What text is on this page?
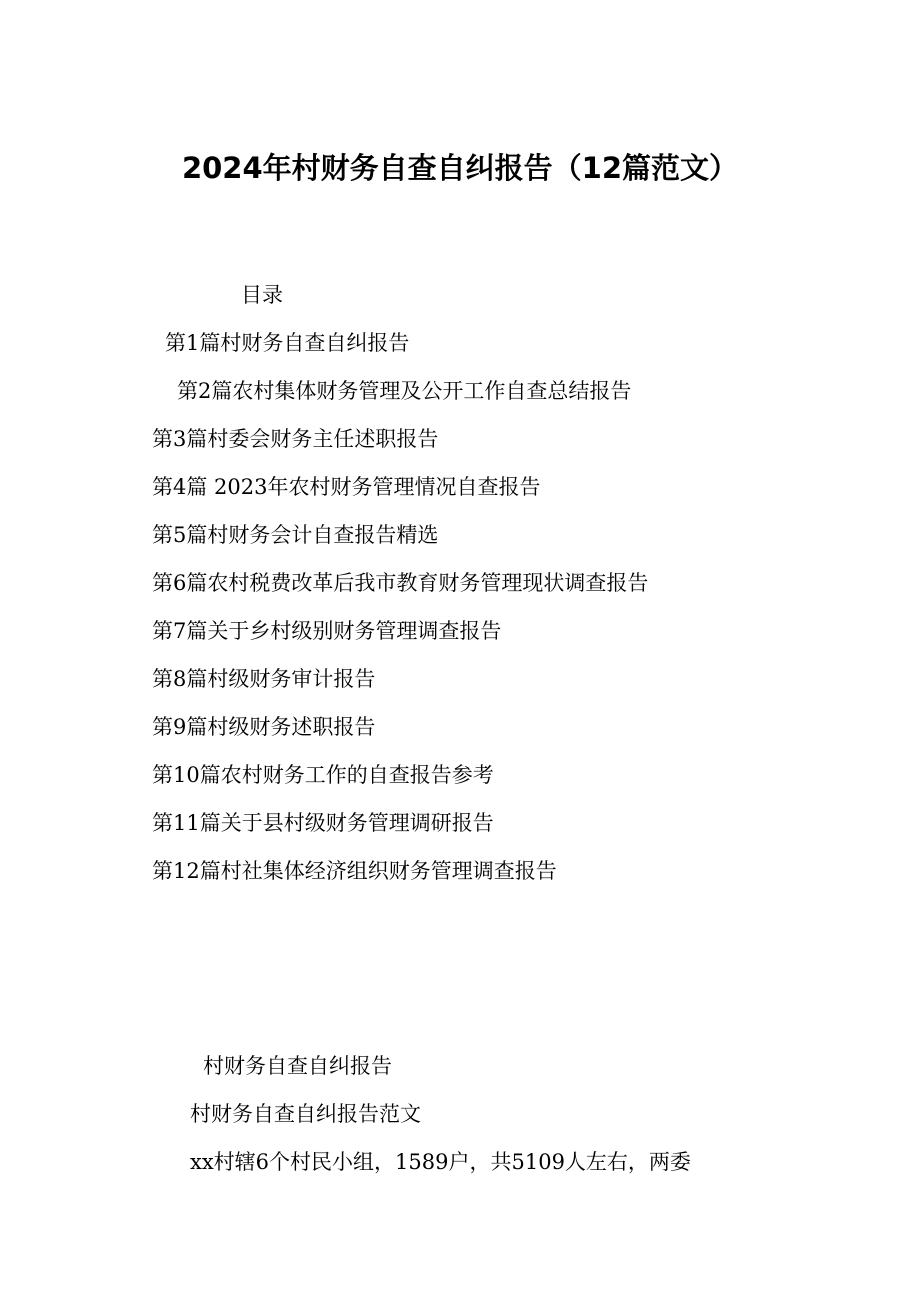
2024年村财务自查自纠报告（12篇范文）
目录
第1篇村财务自查自纠报告
第2篇农村集体财务管理及公开工作自查总结报告
第3篇村委会财务主任述职报告
第4篇 2023年农村财务管理情况自查报告
第5篇村财务会计自查报告精选
第6篇农村税费改革后我市教育财务管理现状调查报告
第7篇关于乡村级别财务管理调查报告
第8篇村级财务审计报告
第9篇村级财务述职报告
第10篇农村财务工作的自查报告参考
第11篇关于县村级财务管理调研报告
第12篇村社集体经济组织财务管理调查报告
村财务自查自纠报告
村财务自查自纠报告范文
xx村辖6个村民小组，1589户，共5109人左右，两委
